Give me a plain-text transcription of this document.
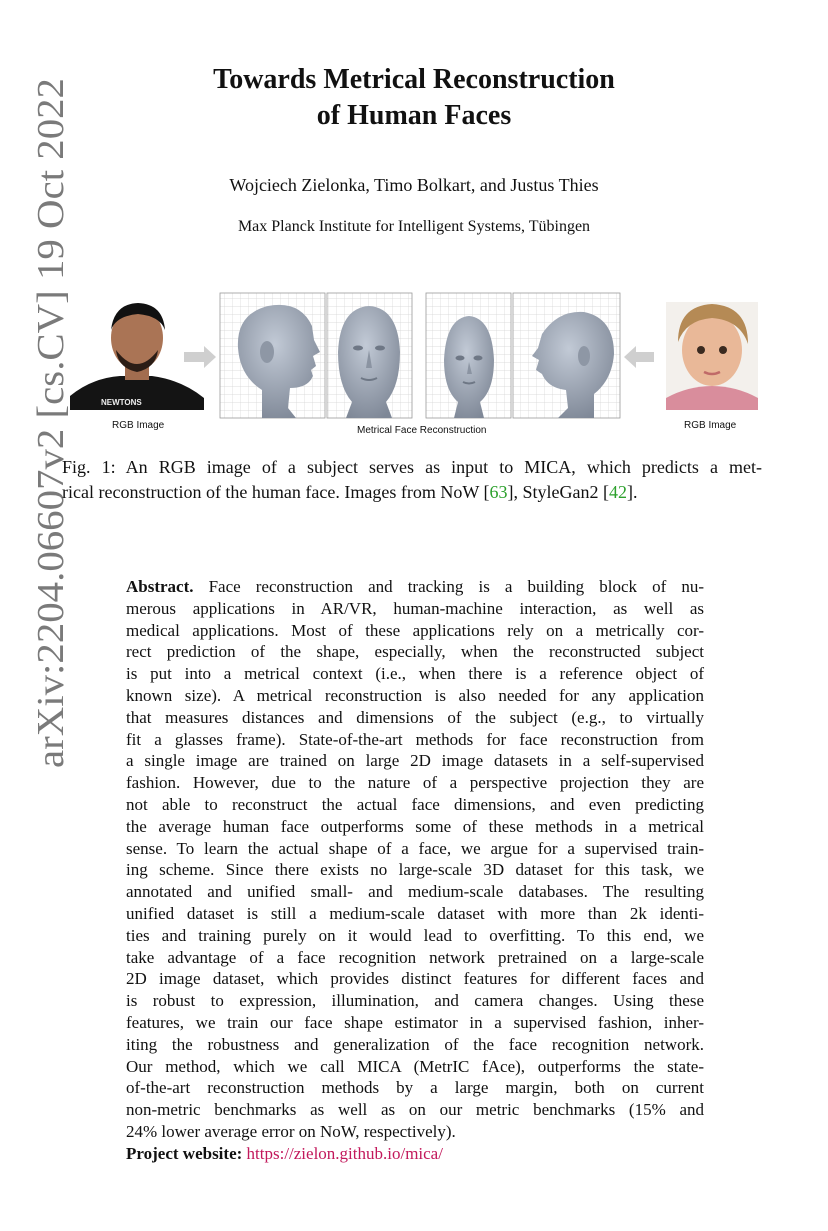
arXiv:2204.06607v2 [cs.CV] 19 Oct 2022
Towards Metrical Reconstruction
of Human Faces
Wojciech Zielonka, Timo Bolkart, and Justus Thies
Max Planck Institute for Intelligent Systems, Tübingen
NEWTONS
RGB Image	Metrical Face Reconstruction	RGB Image
Fig. 1: An RGB image of a subject serves as input to MICA, which predicts a met-
rical reconstruction of the human face. Images from NoW [63], StyleGan2 [42].
Abstract. Face reconstruction and tracking is a building block of nu-
merous applications in AR/VR, human-machine interaction, as well as
medical applications. Most of these applications rely on a metrically cor-
rect prediction of the shape, especially, when the reconstructed subject
is put into a metrical context (i.e., when there is a reference object of
known size). A metrical reconstruction is also needed for any application
that measures distances and dimensions of the subject (e.g., to virtually
fit a glasses frame). State-of-the-art methods for face reconstruction from
a single image are trained on large 2D image datasets in a self-supervised
fashion. However, due to the nature of a perspective projection they are
not able to reconstruct the actual face dimensions, and even predicting
the average human face outperforms some of these methods in a metrical
sense. To learn the actual shape of a face, we argue for a supervised train-
ing scheme. Since there exists no large-scale 3D dataset for this task, we
annotated and unified small- and medium-scale databases. The resulting
unified dataset is still a medium-scale dataset with more than 2k identi-
ties and training purely on it would lead to overfitting. To this end, we
take advantage of a face recognition network pretrained on a large-scale
2D image dataset, which provides distinct features for different faces and
is robust to expression, illumination, and camera changes. Using these
features, we train our face shape estimator in a supervised fashion, inher-
iting the robustness and generalization of the face recognition network.
Our method, which we call MICA (MetrIC fAce), outperforms the state-
of-the-art reconstruction methods by a large margin, both on current
non-metric benchmarks as well as on our metric benchmarks (15% and
24% lower average error on NoW, respectively).
Project website: https://zielon.github.io/mica/
